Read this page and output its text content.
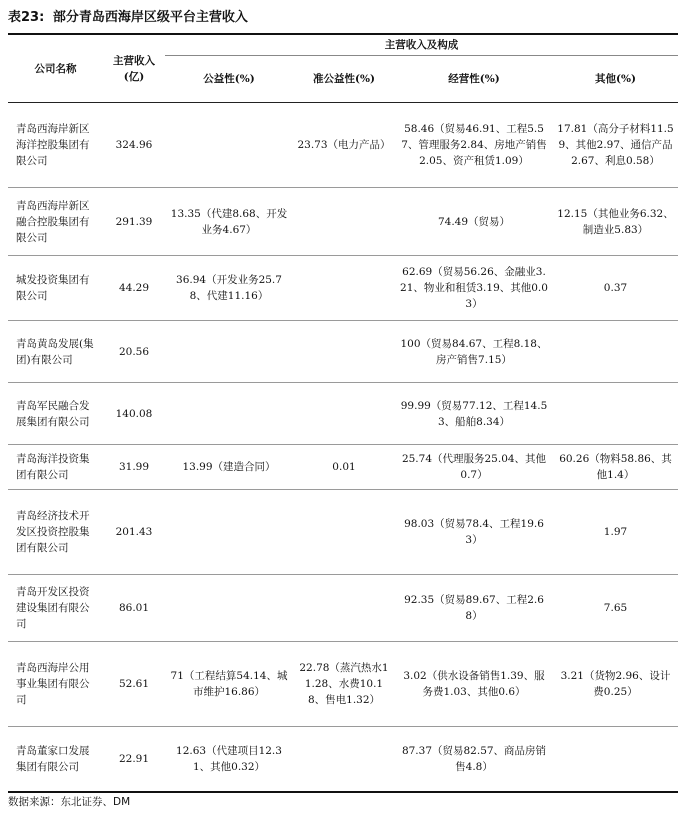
表23: 部分青岛西海岸区级平台主营收入
公司名称	主营收入(亿)	主营收入及构成			
		公益性(%)	准公益性(%)	经营性(%)	其他(%)
青岛西海岸新区海洋控股集团有限公司	324.96		23.73（电力产品）	58.46（贸易46.91、工程5.57、管理服务2.84、房地产销售2.05、资产租赁1.09）	17.81（高分子材料11.59、其他2.97、通信产品2.67、利息0.58）
青岛西海岸新区融合控股集团有限公司	291.39	13.35（代建8.68、开发业务4.67）		74.49（贸易）	12.15（其他业务6.32、制造业5.83）
城发投资集团有限公司	44.29	36.94（开发业务25.78、代建11.16）		62.69（贸易56.26、金融业3.21、物业和租赁3.19、其他0.03）	0.37
青岛黄岛发展(集团)有限公司	20.56			100（贸易84.67、工程8.18、房产销售7.15）	
青岛军民融合发展集团有限公司	140.08			99.99（贸易77.12、工程14.53、船舶8.34）	
青岛海洋投资集团有限公司	31.99	13.99（建造合同）	0.01	25.74（代理服务25.04、其他0.7）	60.26（物料58.86、其他1.4）
青岛经济技术开发区投资控股集团有限公司	201.43			98.03（贸易78.4、工程19.63）	1.97
青岛开发区投资建设集团有限公司	86.01			92.35（贸易89.67、工程2.68）	7.65
青岛西海岸公用事业集团有限公司	52.61	71（工程结算54.14、城市维护16.86）	22.78（蒸汽热水11.28、水费10.18、售电1.32）	3.02（供水设备销售1.39、服务费1.03、其他0.6）	3.21（货物2.96、设计费0.25）
青岛董家口发展集团有限公司	22.91	12.63（代建项目12.31、其他0.32）		87.37（贸易82.57、商品房销售4.8）	
数据来源：东北证券、DM
